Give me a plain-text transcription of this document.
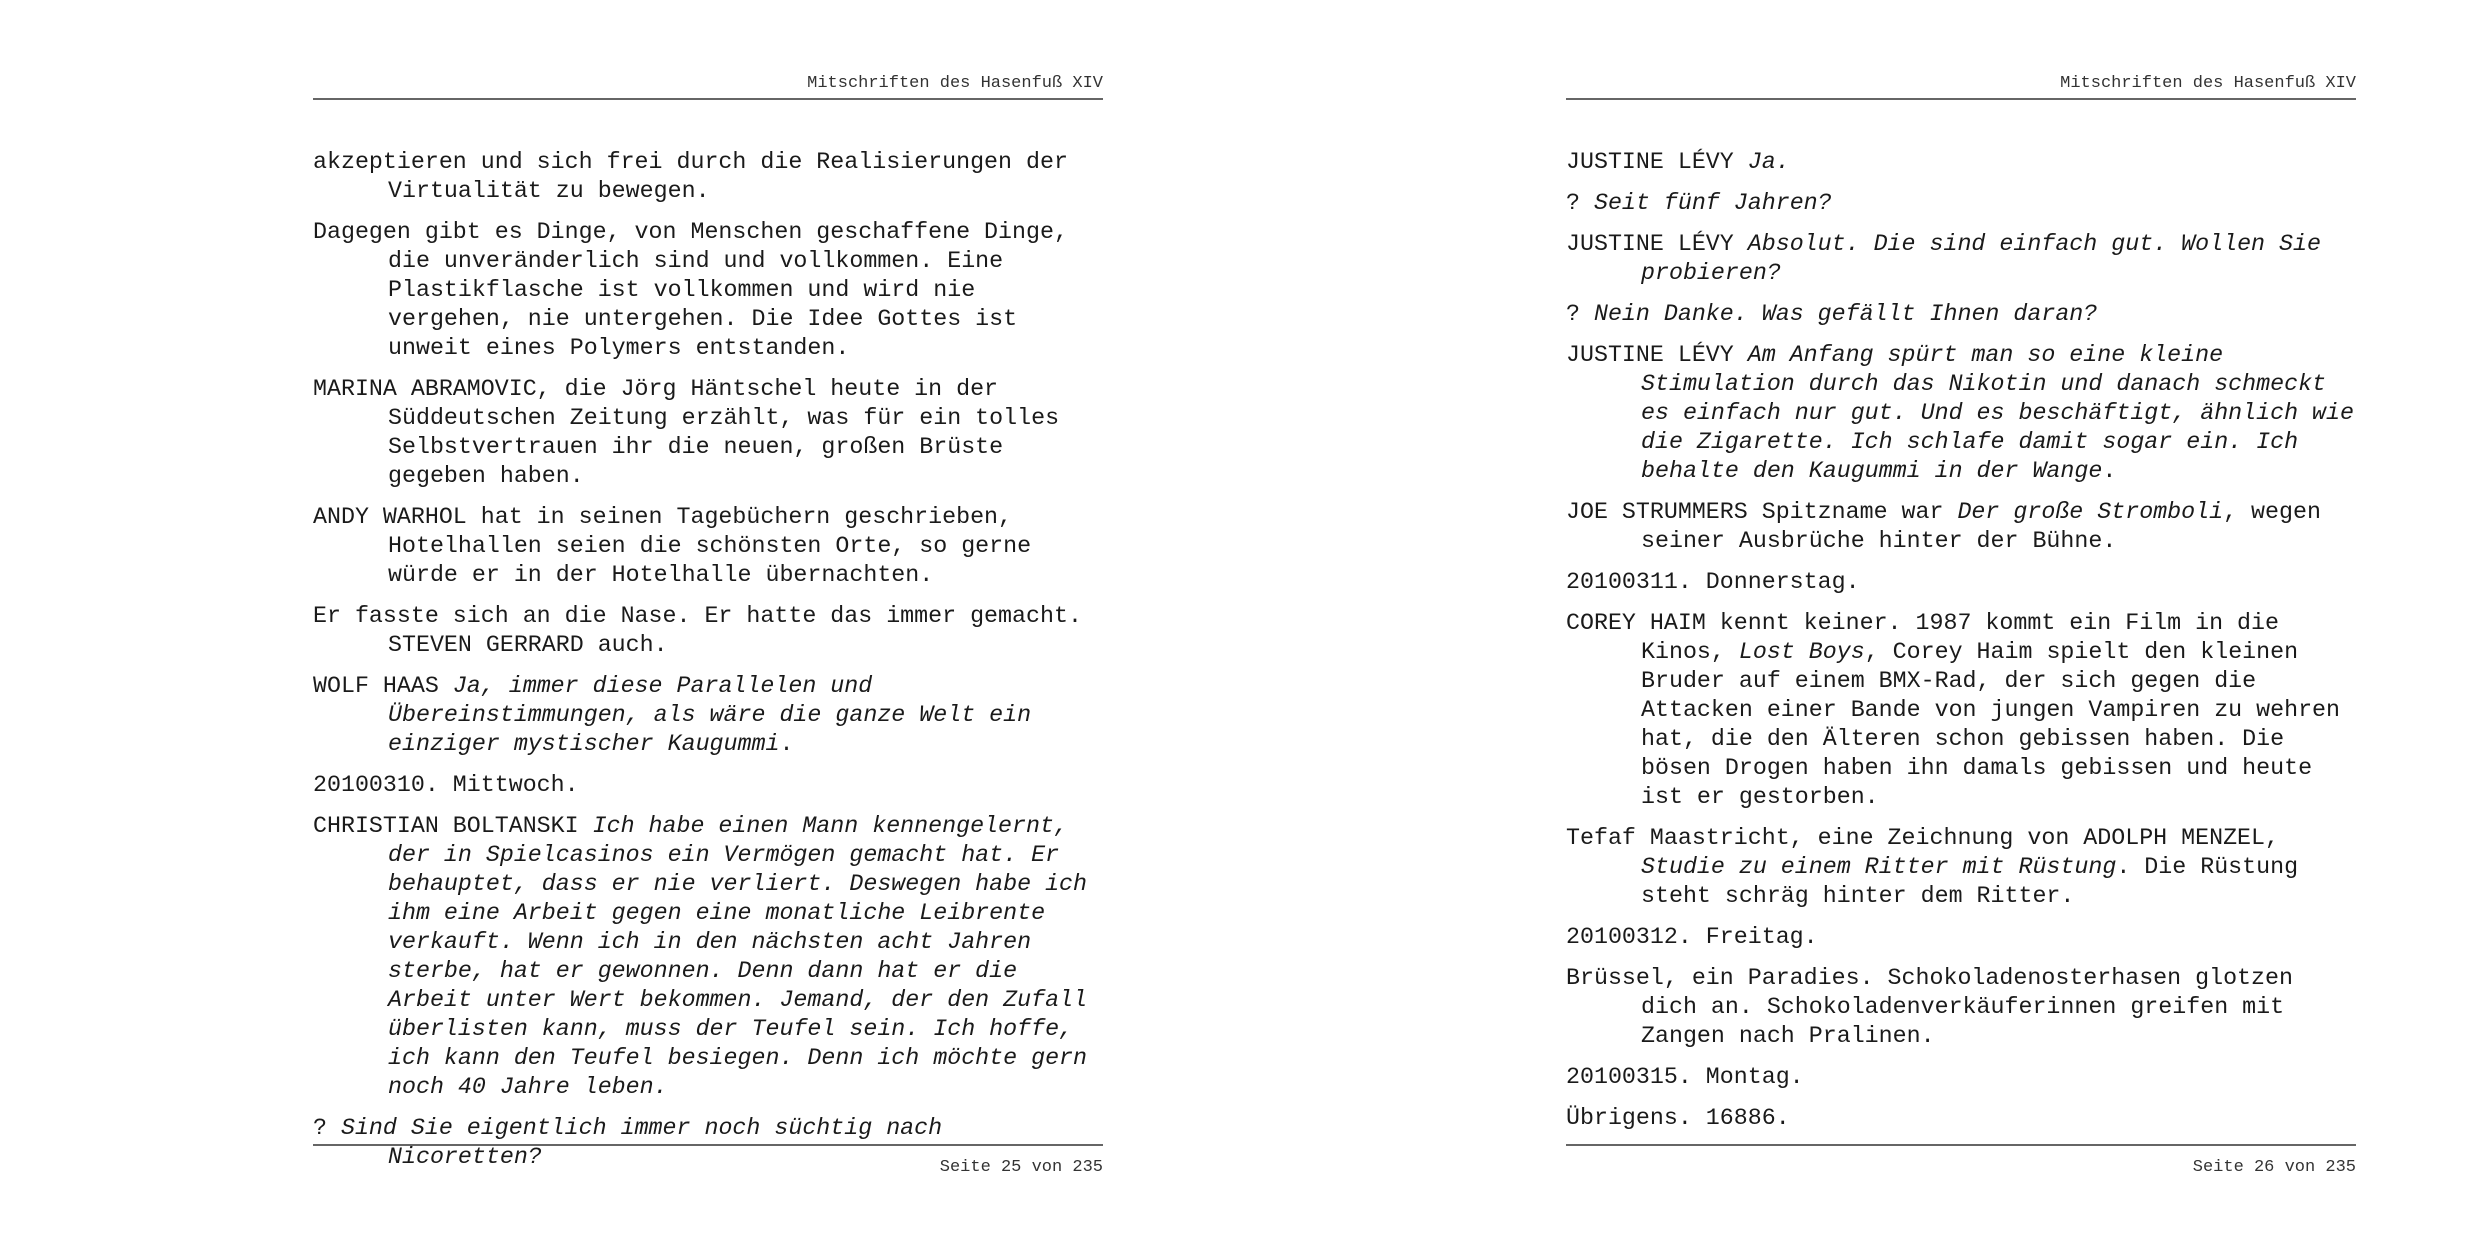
Mitschriften des Hasenfuß XIV

akzeptieren und sich frei durch die Realisierungen der Virtualität zu bewegen.

Dagegen gibt es Dinge, von Menschen geschaffene Dinge, die unveränderlich sind und vollkommen. Eine Plastikflasche ist vollkommen und wird nie vergehen, nie untergehen. Die Idee Gottes ist unweit eines Polymers entstanden.

MARINA ABRAMOVIC, die Jörg Häntschel heute in der Süddeutschen Zeitung erzählt, was für ein tolles Selbstvertrauen ihr die neuen, großen Brüste gegeben haben.

ANDY WARHOL hat in seinen Tagebüchern geschrieben, Hotelhallen seien die schönsten Orte, so gerne würde er in der Hotelhalle übernachten.

Er fasste sich an die Nase. Er hatte das immer gemacht. STEVEN GERRARD auch.

WOLF HAAS Ja, immer diese Parallelen und Übereinstimmungen, als wäre die ganze Welt ein einziger mystischer Kaugummi.

20100310. Mittwoch.

CHRISTIAN BOLTANSKI Ich habe einen Mann kennengelernt, der in Spielcasinos ein Vermögen gemacht hat. Er behauptet, dass er nie verliert. Deswegen habe ich ihm eine Arbeit gegen eine monatliche Leibrente verkauft. Wenn ich in den nächsten acht Jahren sterbe, hat er gewonnen. Denn dann hat er die Arbeit unter Wert bekommen. Jemand, der den Zufall überlisten kann, muss der Teufel sein. Ich hoffe, ich kann den Teufel besiegen. Denn ich möchte gern noch 40 Jahre leben.

? Sind Sie eigentlich immer noch süchtig nach Nicoretten?	Seite 25 von 235
Mitschriften des Hasenfuß XIV

JUSTINE LÉVY Ja.

? Seit fünf Jahren?

JUSTINE LÉVY Absolut. Die sind einfach gut. Wollen Sie probieren?

? Nein Danke. Was gefällt Ihnen daran?

JUSTINE LÉVY Am Anfang spürt man so eine kleine Stimulation durch das Nikotin und danach schmeckt es einfach nur gut. Und es beschäftigt, ähnlich wie die Zigarette. Ich schlafe damit sogar ein. Ich behalte den Kaugummi in der Wange.

JOE STRUMMERS Spitzname war Der große Stromboli, wegen seiner Ausbrüche hinter der Bühne.

20100311. Donnerstag.

COREY HAIM kennt keiner. 1987 kommt ein Film in die Kinos, Lost Boys, Corey Haim spielt den kleinen Bruder auf einem BMX-Rad, der sich gegen die Attacken einer Bande von jungen Vampiren zu wehren hat, die den Älteren schon gebissen haben. Die bösen Drogen haben ihn damals gebissen und heute ist er gestorben.

Tefaf Maastricht, eine Zeichnung von ADOLPH MENZEL, Studie zu einem Ritter mit Rüstung. Die Rüstung steht schräg hinter dem Ritter.

20100312. Freitag.

Brüssel, ein Paradies. Schokoladenosterhasen glotzen dich an. Schokoladenverkäuferinnen greifen mit Zangen nach Pralinen.

20100315. Montag.

Übrigens. 16886.

Seite 26 von 235
